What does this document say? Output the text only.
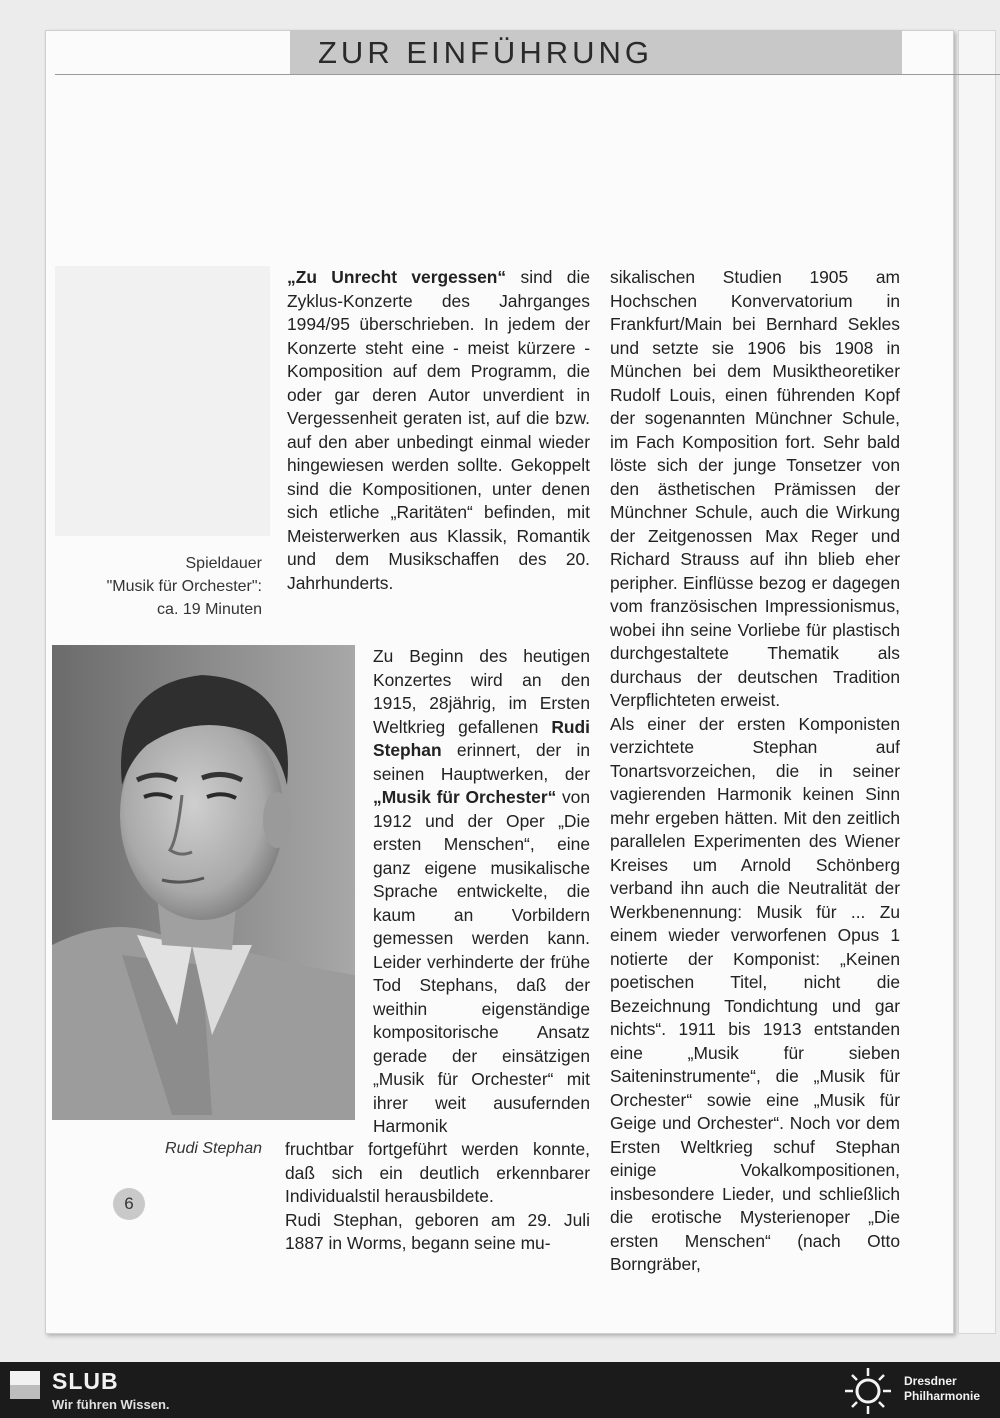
ZUR EINFÜHRUNG

„Zu Unrecht vergessen“ sind die Zyklus-Konzerte des Jahrganges 1994/95 überschrieben. In jedem der Konzerte steht eine - meist kürzere - Komposition auf dem Programm, die oder gar deren Autor unverdient in Vergessenheit geraten ist, auf die bzw. auf den aber unbedingt einmal wieder hingewiesen werden sollte. Gekoppelt sind die Kompositionen, unter denen sich etliche „Raritäten“ befinden, mit Meisterwerken aus Klassik, Romantik und dem Musikschaffen des 20. Jahrhunderts.

Zu Beginn des heutigen Konzertes wird an den 1915, 28jährig, im Ersten Weltkrieg gefallenen Rudi Stephan erinnert, der in seinen Hauptwerken, der „Musik für Orchester“ von 1912 und der Oper „Die ersten Menschen“, eine ganz eigene musikalische Sprache entwickelte, die kaum an Vorbildern gemessen werden kann. Leider verhinderte der frühe Tod Stephans, daß der weithin eigenständige kompositorische Ansatz gerade der einsätzigen „Musik für Orchester“ mit ihrer weit ausufernden Harmonik

fruchtbar fortgeführt werden konnte, daß sich ein deutlich erkennbarer Individualstil herausbildete.

Rudi Stephan, geboren am 29. Juli 1887 in Worms, begann seine mu-

sikalischen Studien 1905 am Hochschen Konvervatorium in Frankfurt/Main bei Bernhard Sekles und setzte sie 1906 bis 1908 in München bei dem Musiktheoretiker Rudolf Louis, einen führenden Kopf der sogenannten Münchner Schule, im Fach Komposition fort. Sehr bald löste sich der junge Tonsetzer von den ästhetischen Prämissen der Münchner Schule, auch die Wirkung der Zeitgenossen Max Reger und Richard Strauss auf ihn blieb eher peripher. Einflüsse bezog er dagegen vom französischen Impressionismus, wobei ihn seine Vorliebe für plastisch durchgestaltete Thematik als durchaus der deutschen Tradition Verpflichteten erweist.

Als einer der ersten Komponisten verzichtete Stephan auf Tonartsvorzeichen, die in seiner vagierenden Harmonik keinen Sinn mehr ergeben hätten. Mit den zeitlich parallelen Experimenten des Wiener Kreises um Arnold Schönberg verband ihn auch die Neutralität der Werkbenennung: Musik für ... Zu einem wieder verworfenen Opus 1 notierte der Komponist: „Keinen poetischen Titel, nicht die Bezeichnung Tondichtung und gar nichts“. 1911 bis 1913 entstanden eine „Musik für sieben Saiteninstrumente“, die „Musik für Orchester“ sowie eine „Musik für Geige und Orchester“. Noch vor dem Ersten Weltkrieg schuf Stephan einige Vokalkompositionen, insbesondere Lieder, und schließlich die erotische Mysterienoper „Die ersten Menschen“ (nach Otto Borngräber,

Spieldauer
"Musik für Orchester":
ca. 19 Minuten
Rudi Stephan
6
SLUB
Wir führen Wissen.
Dresdner
Philharmonie
